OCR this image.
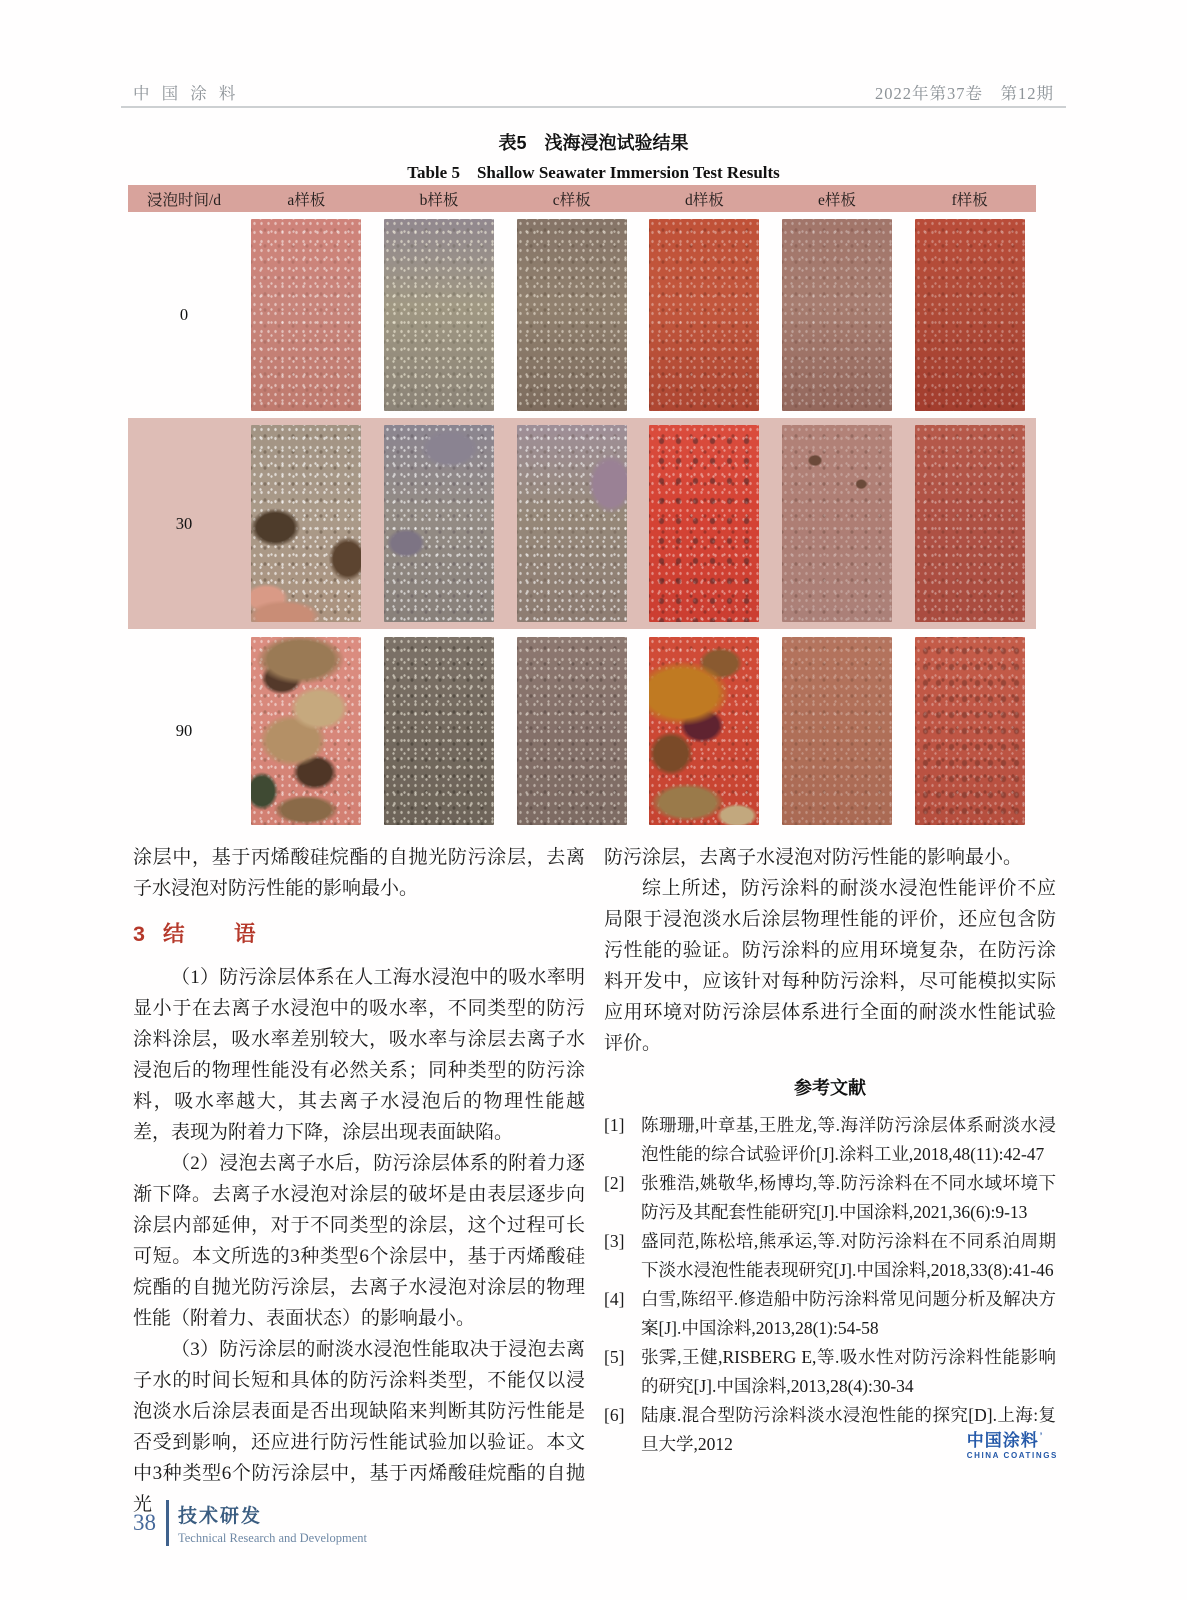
中 国 涂 料	2022年第37卷　第12期
表5　浅海浸泡试验结果
Table 5　Shallow Seawater Immersion Test Results
浸泡时间/d	a样板	b样板	c样板	d样板	e样板	f样板
0
30
90

涂层中，基于丙烯酸硅烷酯的自抛光防污涂层，去离子水浸泡对防污性能的影响最小。

3 结　语

（1）防污涂层体系在人工海水浸泡中的吸水率明显小于在去离子水浸泡中的吸水率，不同类型的防污涂料涂层，吸水率差别较大，吸水率与涂层去离子水浸泡后的物理性能没有必然关系；同种类型的防污涂料，吸水率越大，其去离子水浸泡后的物理性能越差，表现为附着力下降，涂层出现表面缺陷。

（2）浸泡去离子水后，防污涂层体系的附着力逐渐下降。去离子水浸泡对涂层的破坏是由表层逐步向涂层内部延伸，对于不同类型的涂层，这个过程可长可短。本文所选的3种类型6个涂层中，基于丙烯酸硅烷酯的自抛光防污涂层，去离子水浸泡对涂层的物理性能（附着力、表面状态）的影响最小。

（3）防污涂层的耐淡水浸泡性能取决于浸泡去离子水的时间长短和具体的防污涂料类型，不能仅以浸泡淡水后涂层表面是否出现缺陷来判断其防污性能是否受到影响，还应进行防污性能试验加以验证。本文中3种类型6个防污涂层中，基于丙烯酸硅烷酯的自抛光

防污涂层，去离子水浸泡对防污性能的影响最小。

综上所述，防污涂料的耐淡水浸泡性能评价不应局限于浸泡淡水后涂层物理性能的评价，还应包含防污性能的验证。防污涂料的应用环境复杂，在防污涂料开发中，应该针对每种防污涂料，尽可能模拟实际应用环境对防污涂层体系进行全面的耐淡水性能试验评价。

参考文献
[1] 陈珊珊,叶章基,王胜龙,等.海洋防污涂层体系耐淡水浸泡性能的综合试验评价[J].涂料工业,2018,48(11):42-47
[2] 张雅浩,姚敬华,杨博均,等.防污涂料在不同水域坏境下防污及其配套性能研究[J].中国涂料,2021,36(6):9-13
[3] 盛同范,陈松培,熊承运,等.对防污涂料在不同系泊周期下淡水浸泡性能表现研究[J].中国涂料,2018,33(8):41-46
[4] 白雪,陈绍平.修造船中防污涂料常见问题分析及解决方案[J].中国涂料,2013,28(1):54-58
[5] 张霁,王健,RISBERG E,等.吸水性对防污涂料性能影响的研究[J].中国涂料,2013,28(4):30-34
[6] 陆康.混合型防污涂料淡水浸泡性能的探究[D].上海:复旦大学,2012	中国涂料’
CHINA COATINGS
38 技术研发
Technical Research and Development
